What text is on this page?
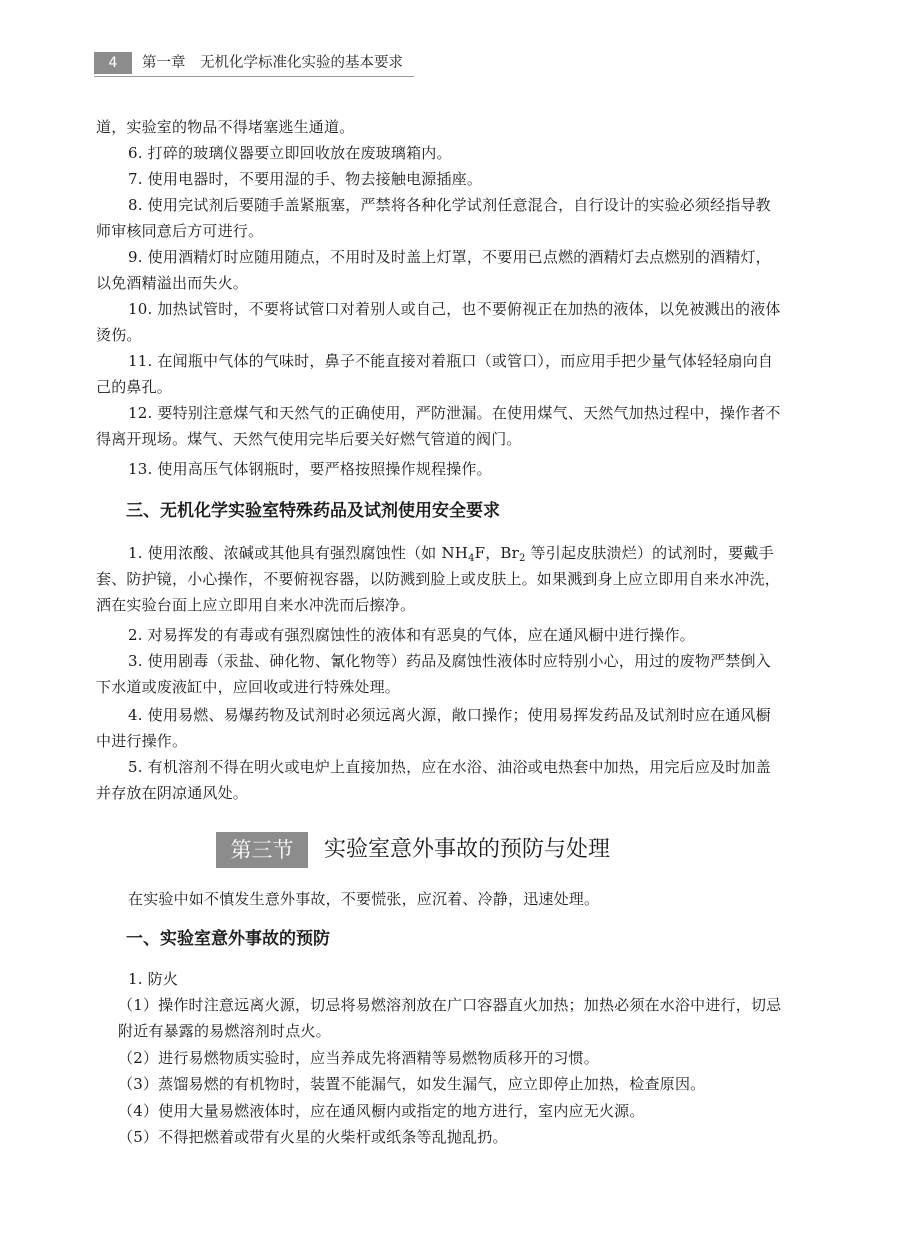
4	第一章　无机化学标准化实验的基本要求

道，实验室的物品不得堵塞逃生通道。

6. 打碎的玻璃仪器要立即回收放在废玻璃箱内。

7. 使用电器时，不要用湿的手、物去接触电源插座。

8. 使用完试剂后要随手盖紧瓶塞，严禁将各种化学试剂任意混合，自行设计的实验必须经指导教师审核同意后方可进行。

9. 使用酒精灯时应随用随点，不用时及时盖上灯罩，不要用已点燃的酒精灯去点燃别的酒精灯，以免酒精溢出而失火。

10. 加热试管时，不要将试管口对着别人或自己，也不要俯视正在加热的液体，以免被溅出的液体烫伤。

11. 在闻瓶中气体的气味时，鼻子不能直接对着瓶口（或管口），而应用手把少量气体轻轻扇向自己的鼻孔。

12. 要特别注意煤气和天然气的正确使用，严防泄漏。在使用煤气、天然气加热过程中，操作者不得离开现场。煤气、天然气使用完毕后要关好燃气管道的阀门。

13. 使用高压气体钢瓶时，要严格按照操作规程操作。

三、无机化学实验室特殊药品及试剂使用安全要求

1. 使用浓酸、浓碱或其他具有强烈腐蚀性（如 $NH_4F$，$Br_2$ 等引起皮肤溃烂）的试剂时，要戴手套、防护镜，小心操作，不要俯视容器，以防溅到脸上或皮肤上。如果溅到身上应立即用自来水冲洗，洒在实验台面上应立即用自来水冲洗而后擦净。

2. 对易挥发的有毒或有强烈腐蚀性的液体和有恶臭的气体，应在通风橱中进行操作。

3. 使用剧毒（汞盐、砷化物、氰化物等）药品及腐蚀性液体时应特别小心，用过的废物严禁倒入下水道或废液缸中，应回收或进行特殊处理。

4. 使用易燃、易爆药物及试剂时必须远离火源，敞口操作；使用易挥发药品及试剂时应在通风橱中进行操作。

5. 有机溶剂不得在明火或电炉上直接加热，应在水浴、油浴或电热套中加热，用完后应及时加盖并存放在阴凉通风处。

第三节	实验室意外事故的预防与处理

在实验中如不慎发生意外事故，不要慌张，应沉着、冷静，迅速处理。

一、实验室意外事故的预防

1. 防火

（1）操作时注意远离火源，切忌将易燃溶剂放在广口容器直火加热；加热必须在水浴中进行，切忌附近有暴露的易燃溶剂时点火。

（2）进行易燃物质实验时，应当养成先将酒精等易燃物质移开的习惯。

（3）蒸馏易燃的有机物时，装置不能漏气，如发生漏气，应立即停止加热，检查原因。

（4）使用大量易燃液体时，应在通风橱内或指定的地方进行，室内应无火源。

（5）不得把燃着或带有火星的火柴杆或纸条等乱抛乱扔。
